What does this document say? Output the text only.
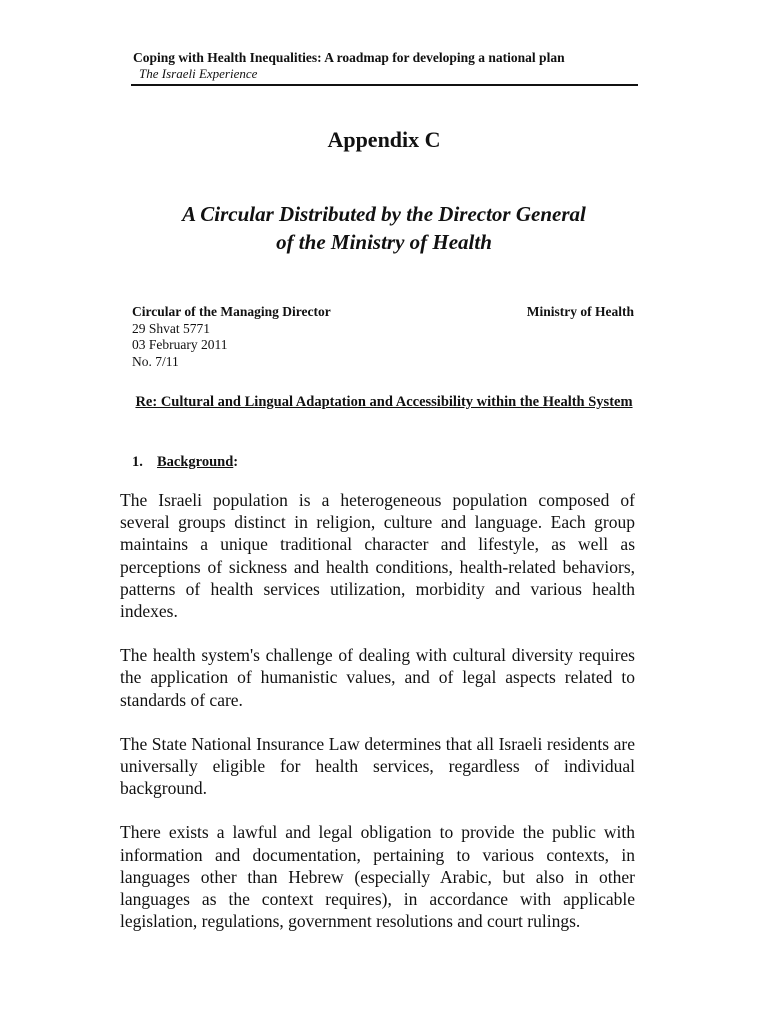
Coping with Health Inequalities: A roadmap for developing a national plan
The Israeli Experience
Appendix C
A Circular Distributed by the Director General
of the Ministry of Health
Circular of the Managing Director
29 Shvat 5771
03 February 2011
No. 7/11
Ministry of Health
Re: Cultural and Lingual Adaptation and Accessibility within the Health System
1. Background:

The Israeli population is a heterogeneous population composed of several groups distinct in religion, culture and language. Each group maintains a unique traditional character and lifestyle, as well as perceptions of sickness and health conditions, health-related behaviors, patterns of health services utilization, morbidity and various health indexes.

The health system's challenge of dealing with cultural diversity requires the application of humanistic values, and of legal aspects related to standards of care.

The State National Insurance Law determines that all Israeli residents are universally eligible for health services, regardless of individual background.

There exists a lawful and legal obligation to provide the public with information and documentation, pertaining to various contexts, in languages other than Hebrew (especially Arabic, but also in other languages as the context requires), in accordance with applicable legislation, regulations, government resolutions and court rulings.
